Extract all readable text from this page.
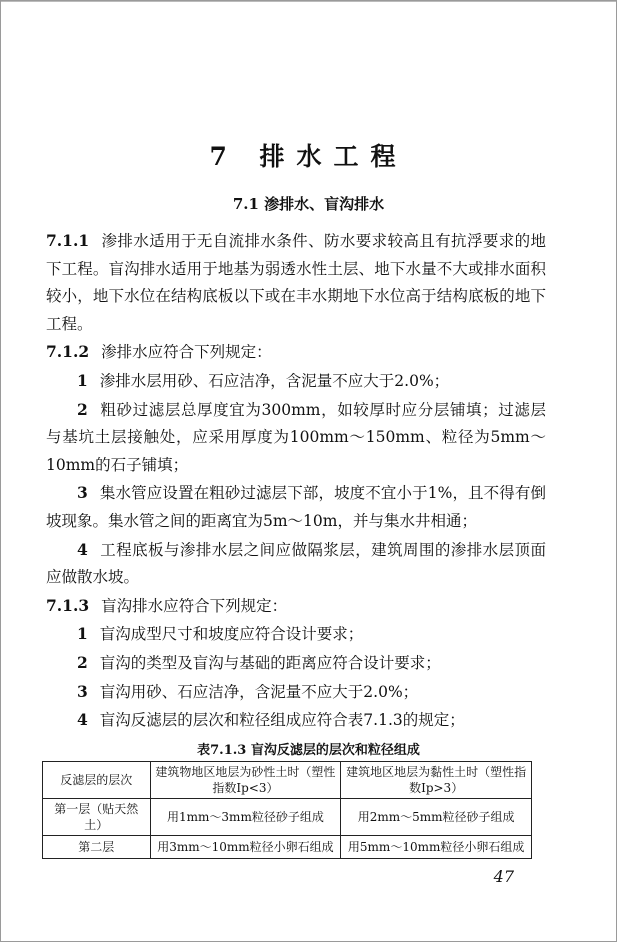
7 排水工程
7.1 渗排水、盲沟排水

7.1.1 渗排水适用于无自流排水条件、防水要求较高且有抗浮要求的地下工程。盲沟排水适用于地基为弱透水性土层、地下水量不大或排水面积较小，地下水位在结构底板以下或在丰水期地下水位高于结构底板的地下工程。

7.1.2 渗排水应符合下列规定：

1 渗排水层用砂、石应洁净，含泥量不应大于2.0%；

2 粗砂过滤层总厚度宜为300mm，如较厚时应分层铺填；过滤层与基坑土层接触处，应采用厚度为100mm～150mm、粒径为5mm～10mm的石子铺填；

3 集水管应设置在粗砂过滤层下部，坡度不宜小于1%，且不得有倒坡现象。集水管之间的距离宜为5m～10m，并与集水井相通；

4 工程底板与渗排水层之间应做隔浆层，建筑周围的渗排水层顶面应做散水坡。

7.1.3 盲沟排水应符合下列规定：

1 盲沟成型尺寸和坡度应符合设计要求；

2 盲沟的类型及盲沟与基础的距离应符合设计要求；

3 盲沟用砂、石应洁净，含泥量不应大于2.0%；

4 盲沟反滤层的层次和粒径组成应符合表7.1.3的规定；

表7.1.3 盲沟反滤层的层次和粒径组成
反滤层的层次	建筑物地区地层为砂性土时（塑性指数Ip<3）	建筑地区地层为黏性土时（塑性指数Ip>3）
第一层（贴天然土）	用1mm～3mm粒径砂子组成	用2mm～5mm粒径砂子组成
第二层	用3mm～10mm粒径小卵石组成	用5mm～10mm粒径小卵石组成
47
